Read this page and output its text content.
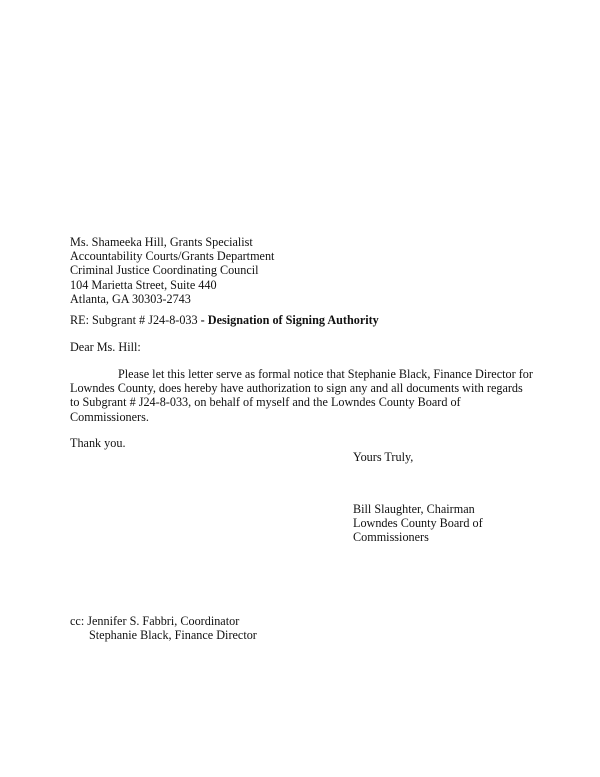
Ms. Shameeka Hill, Grants Specialist
Accountability Courts/Grants Department
Criminal Justice Coordinating Council
104 Marietta Street, Suite 440
Atlanta, GA 30303-2743
RE: Subgrant # J24-8-033 - Designation of Signing Authority
Dear Ms. Hill:
Please let this letter serve as formal notice that Stephanie Black, Finance Director for
Lowndes County, does hereby have authorization to sign any and all documents with regards
to Subgrant # J24-8-033, on behalf of myself and the Lowndes County Board of
Commissioners.
Thank you.
Yours Truly,
Bill Slaughter, Chairman
Lowndes County Board of
Commissioners
cc: Jennifer S. Fabbri, Coordinator
Stephanie Black, Finance Director
